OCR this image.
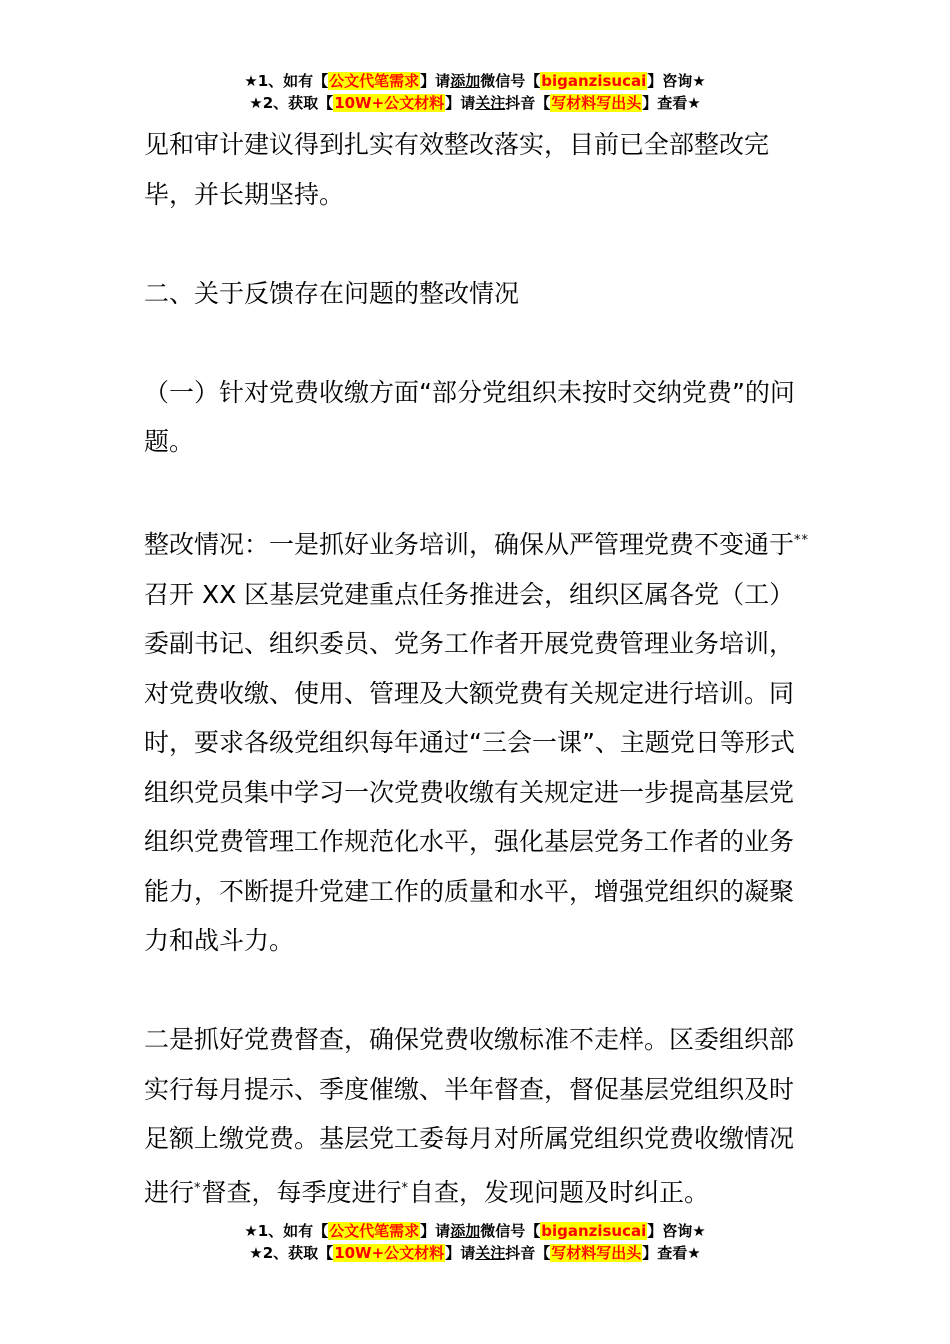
★1、如有【公文代笔需求】请添加微信号【biganzisucai】咨询★
★2、获取【10W+公文材料】请关注抖音【写材料写出头】查看★

见和审计建议得到扎实有效整改落实，目前已全部整改完毕，并长期坚持。

二、关于反馈存在问题的整改情况

（一）针对党费收缴方面“部分党组织未按时交纳党费”的问题。

整改情况：一是抓好业务培训，确保从严管理党费不变通于**召开 XX 区基层党建重点任务推进会，组织区属各党（工）委副书记、组织委员、党务工作者开展党费管理业务培训，对党费收缴、使用、管理及大额党费有关规定进行培训。同时，要求各级党组织每年通过“三会一课”、主题党日等形式组织党员集中学习一次党费收缴有关规定进一步提高基层党组织党费管理工作规范化水平，强化基层党务工作者的业务能力，不断提升党建工作的质量和水平，增强党组织的凝聚力和战斗力。

二是抓好党费督查，确保党费收缴标准不走样。区委组织部实行每月提示、季度催缴、半年督查，督促基层党组织及时足额上缴党费。基层党工委每月对所属党组织党费收缴情况进行*督查，每季度进行*自查，发现问题及时纠正。

★1、如有【公文代笔需求】请添加微信号【biganzisucai】咨询★
★2、获取【10W+公文材料】请关注抖音【写材料写出头】查看★
